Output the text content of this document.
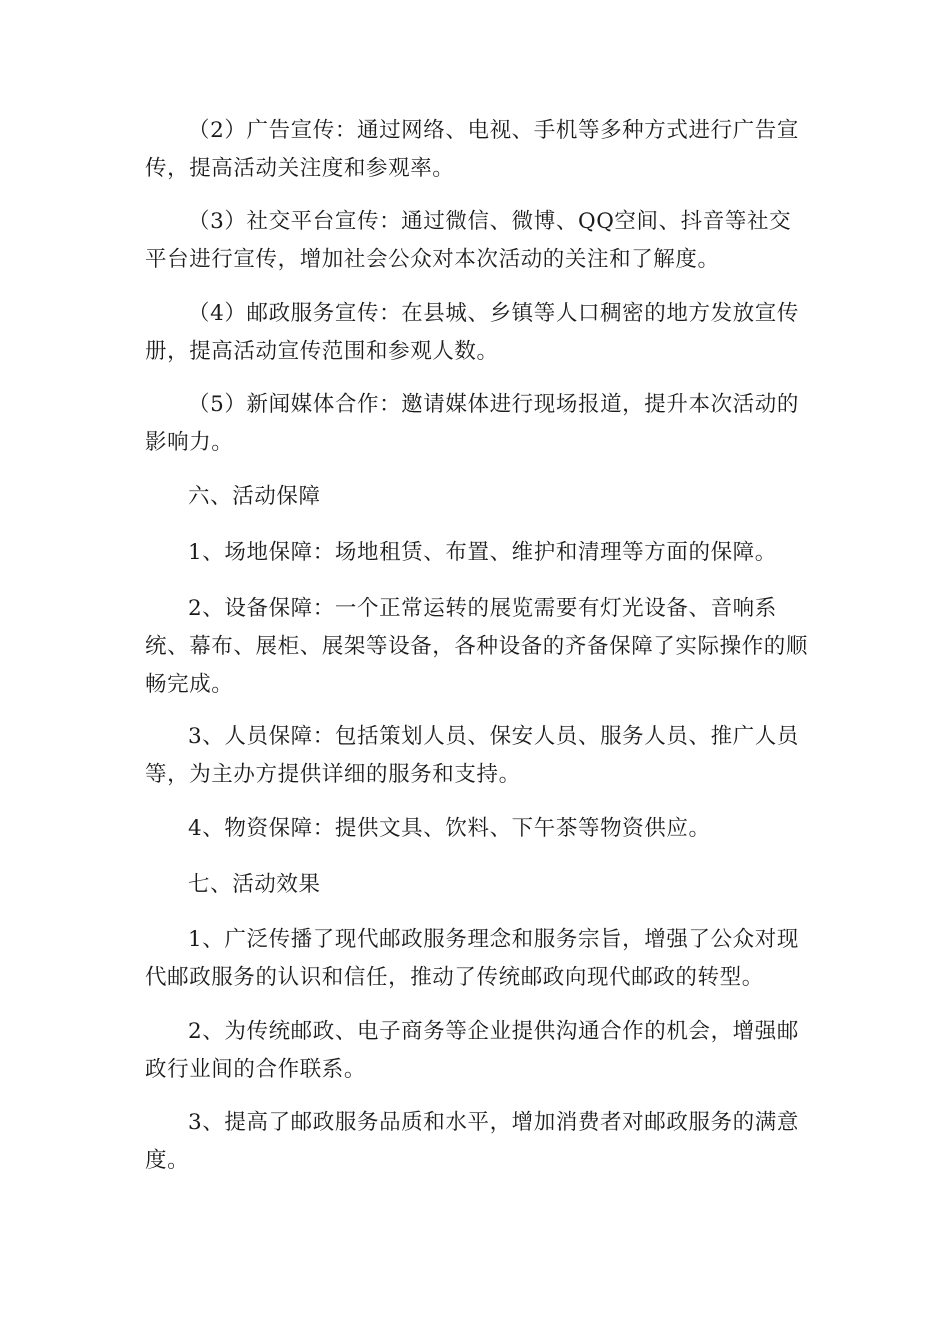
（2）广告宣传：通过网络、电视、手机等多种方式进行广告宣传，提高活动关注度和参观率。

（3）社交平台宣传：通过微信、微博、QQ空间、抖音等社交平台进行宣传，增加社会公众对本次活动的关注和了解度。

（4）邮政服务宣传：在县城、乡镇等人口稠密的地方发放宣传册，提高活动宣传范围和参观人数。

（5）新闻媒体合作：邀请媒体进行现场报道，提升本次活动的影响力。

六、活动保障

1、场地保障：场地租赁、布置、维护和清理等方面的保障。

2、设备保障：一个正常运转的展览需要有灯光设备、音响系统、幕布、展柜、展架等设备，各种设备的齐备保障了实际操作的顺畅完成。

3、人员保障：包括策划人员、保安人员、服务人员、推广人员等，为主办方提供详细的服务和支持。

4、物资保障：提供文具、饮料、下午茶等物资供应。

七、活动效果

1、广泛传播了现代邮政服务理念和服务宗旨，增强了公众对现代邮政服务的认识和信任，推动了传统邮政向现代邮政的转型。

2、为传统邮政、电子商务等企业提供沟通合作的机会，增强邮政行业间的合作联系。

3、提高了邮政服务品质和水平，增加消费者对邮政服务的满意度。
